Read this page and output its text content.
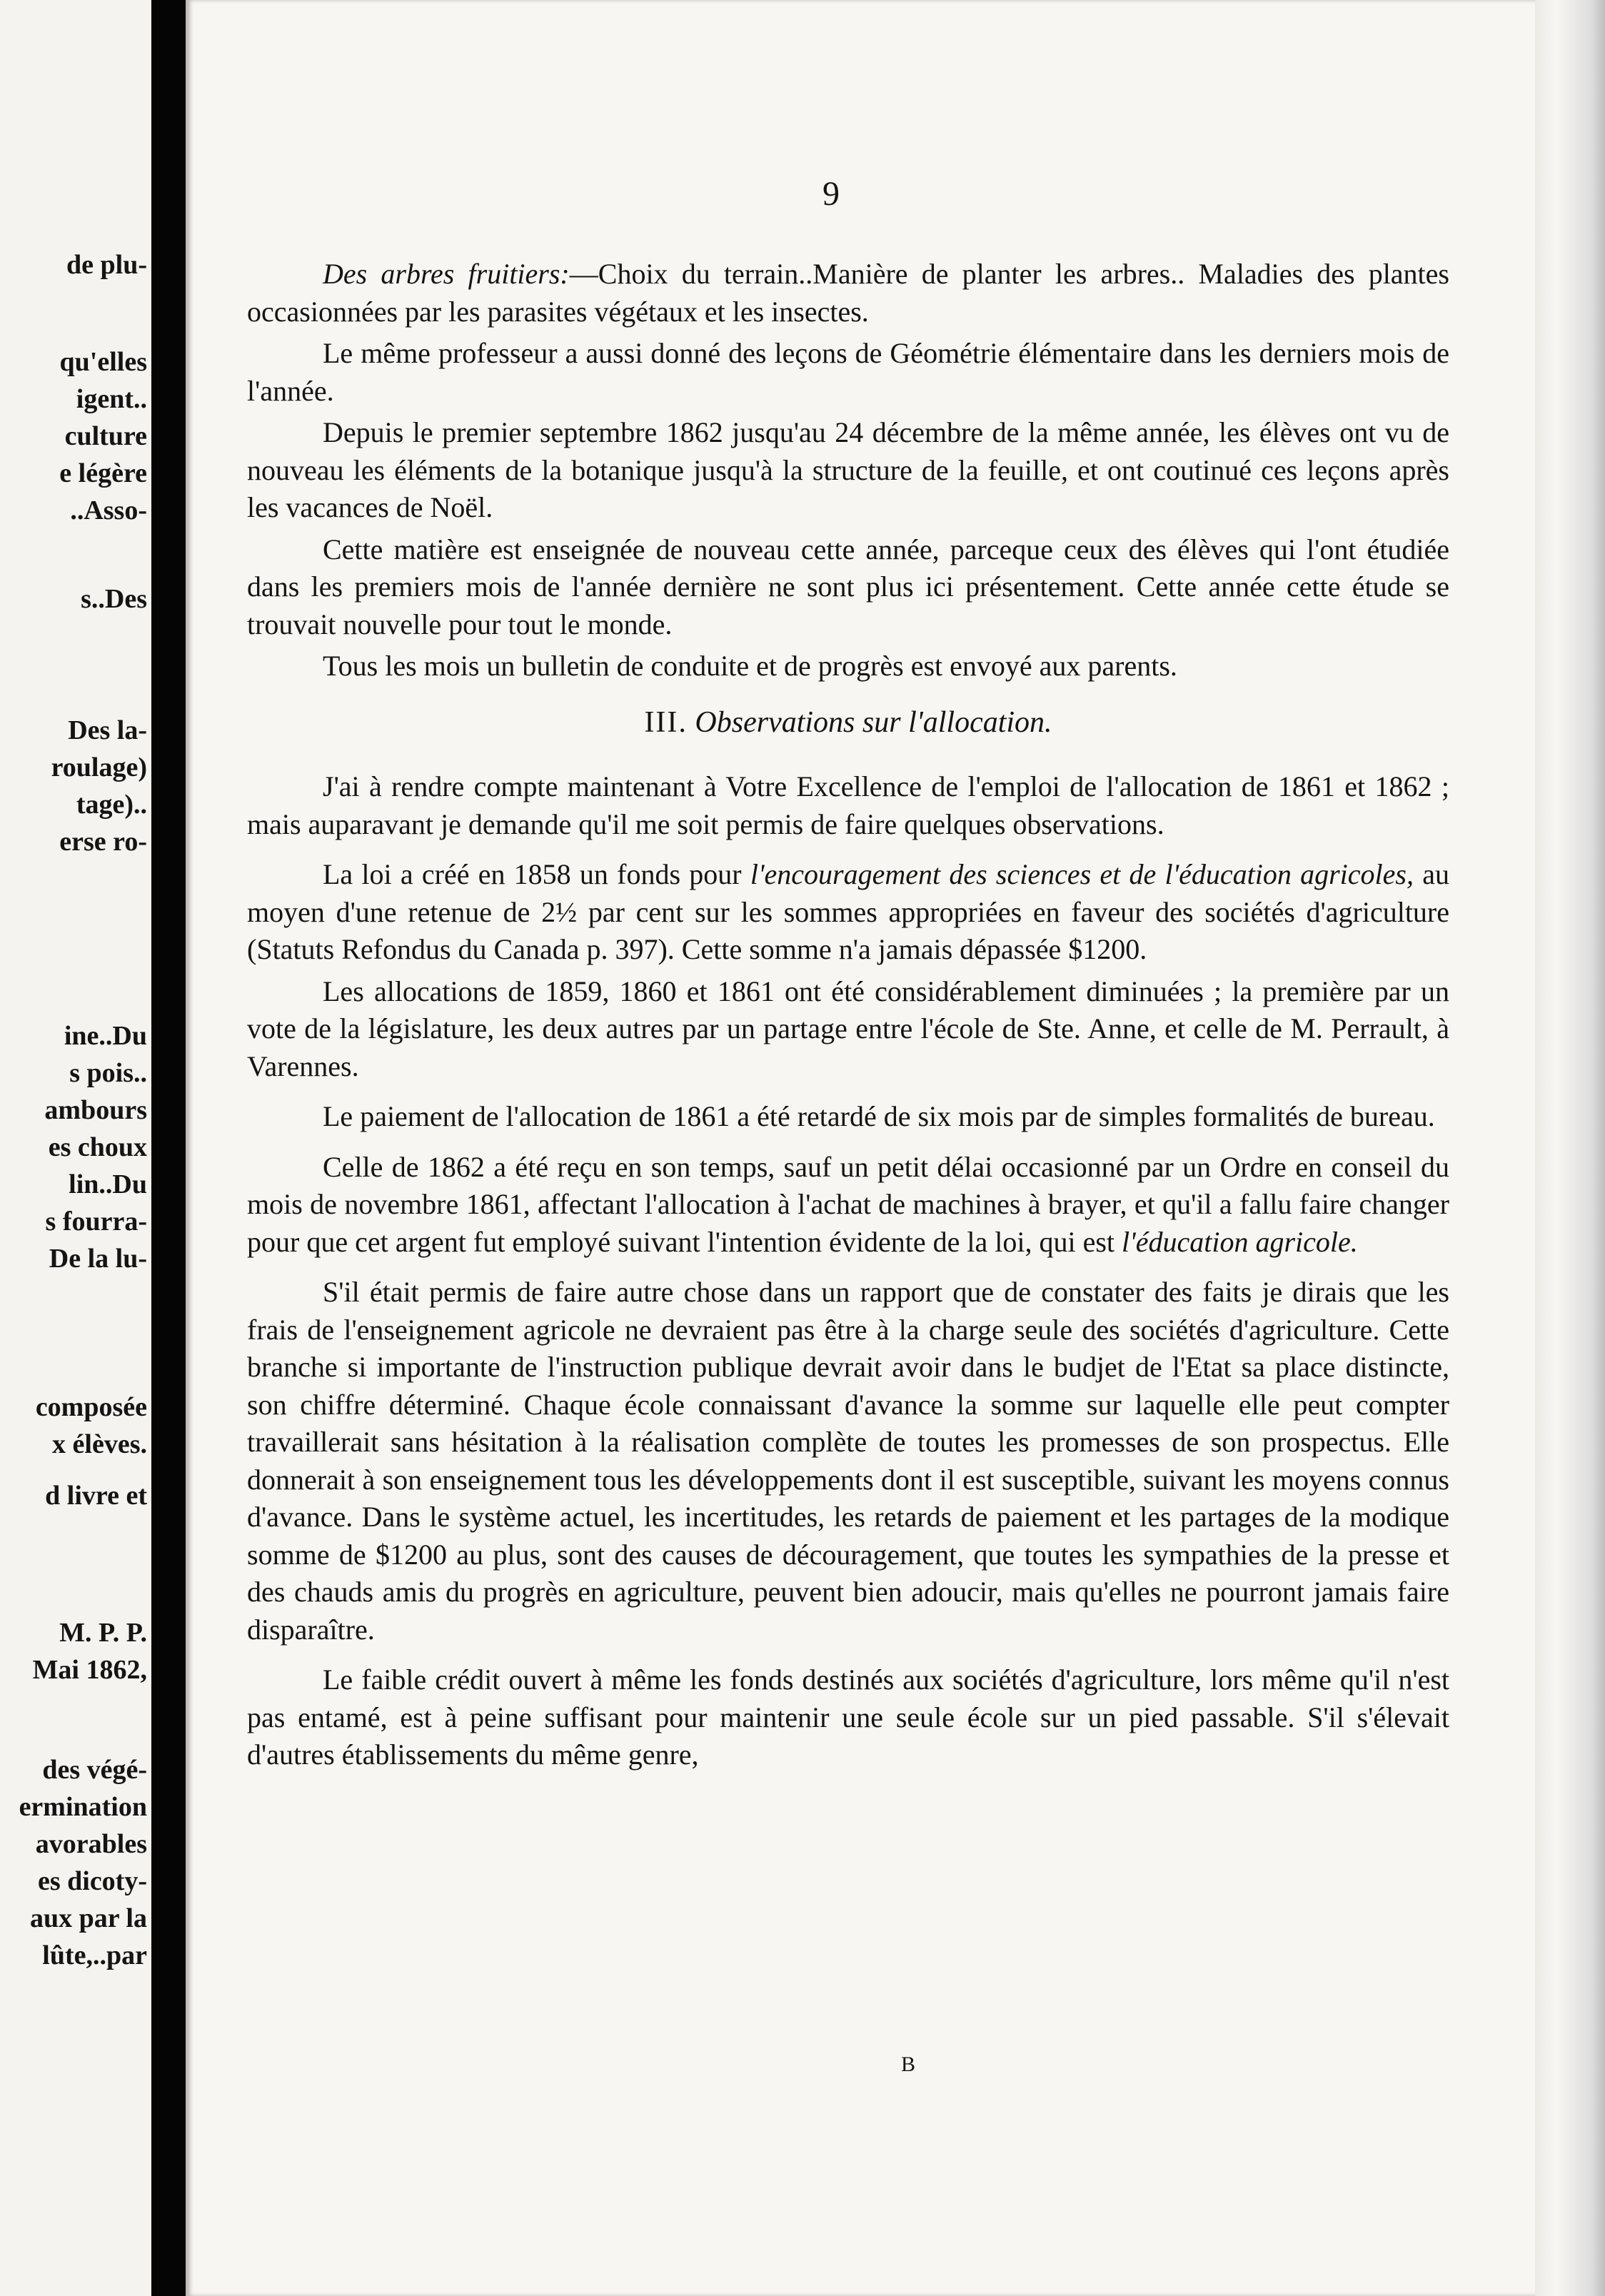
de plu-
qu'elles
igent..
culture
e légère
..Asso-
s..Des
Des la-
roulage)
tage)..
erse ro-
ine..Du
s pois..
ambours
es choux
lin..Du
s fourra-
De la lu-
composée
x élèves.
d livre et
M. P. P.
Mai 1862,
des végé-
ermination
avorables
es dicoty-
aux par la
lûte,..par
9

Des arbres fruitiers:—Choix du terrain..Manière de planter les arbres.. Maladies des plantes occasionnées par les parasites végétaux et les insectes.

Le même professeur a aussi donné des leçons de Géométrie élémentaire dans les derniers mois de l'année.

Depuis le premier septembre 1862 jusqu'au 24 décembre de la même année, les élèves ont vu de nouveau les éléments de la botanique jusqu'à la structure de la feuille, et ont coutinué ces leçons après les vacances de Noël.

Cette matière est enseignée de nouveau cette année, parceque ceux des élèves qui l'ont étudiée dans les premiers mois de l'année dernière ne sont plus ici présentement. Cette année cette étude se trouvait nouvelle pour tout le monde.

Tous les mois un bulletin de conduite et de progrès est envoyé aux parents.

III. Observations sur l'allocation.

J'ai à rendre compte maintenant à Votre Excellence de l'emploi de l'allocation de 1861 et 1862 ; mais auparavant je demande qu'il me soit permis de faire quelques observations.

La loi a créé en 1858 un fonds pour l'encouragement des sciences et de l'éducation agricoles, au moyen d'une retenue de 2½ par cent sur les sommes appropriées en faveur des sociétés d'agriculture (Statuts Refondus du Canada p. 397). Cette somme n'a jamais dépassée $1200.

Les allocations de 1859, 1860 et 1861 ont été considérablement diminuées ; la première par un vote de la législature, les deux autres par un partage entre l'école de Ste. Anne, et celle de M. Perrault, à Varennes.

Le paiement de l'allocation de 1861 a été retardé de six mois par de simples formalités de bureau.

Celle de 1862 a été reçu en son temps, sauf un petit délai occasionné par un Ordre en conseil du mois de novembre 1861, affectant l'allocation à l'achat de machines à brayer, et qu'il a fallu faire changer pour que cet argent fut employé suivant l'intention évidente de la loi, qui est l'éducation agricole.

S'il était permis de faire autre chose dans un rapport que de constater des faits je dirais que les frais de l'enseignement agricole ne devraient pas être à la charge seule des sociétés d'agriculture. Cette branche si importante de l'instruction publique devrait avoir dans le budjet de l'Etat sa place distincte, son chiffre déterminé. Chaque école connaissant d'avance la somme sur laquelle elle peut compter travaillerait sans hésitation à la réalisation complète de toutes les promesses de son prospectus. Elle donnerait à son enseignement tous les développements dont il est susceptible, suivant les moyens connus d'avance. Dans le système actuel, les incertitudes, les retards de paiement et les partages de la modique somme de $1200 au plus, sont des causes de découragement, que toutes les sympathies de la presse et des chauds amis du progrès en agriculture, peuvent bien adoucir, mais qu'elles ne pourront jamais faire disparaître.

Le faible crédit ouvert à même les fonds destinés aux sociétés d'agriculture, lors même qu'il n'est pas entamé, est à peine suffisant pour maintenir une seule école sur un pied passable. S'il s'élevait d'autres établissements du même genre,

B
